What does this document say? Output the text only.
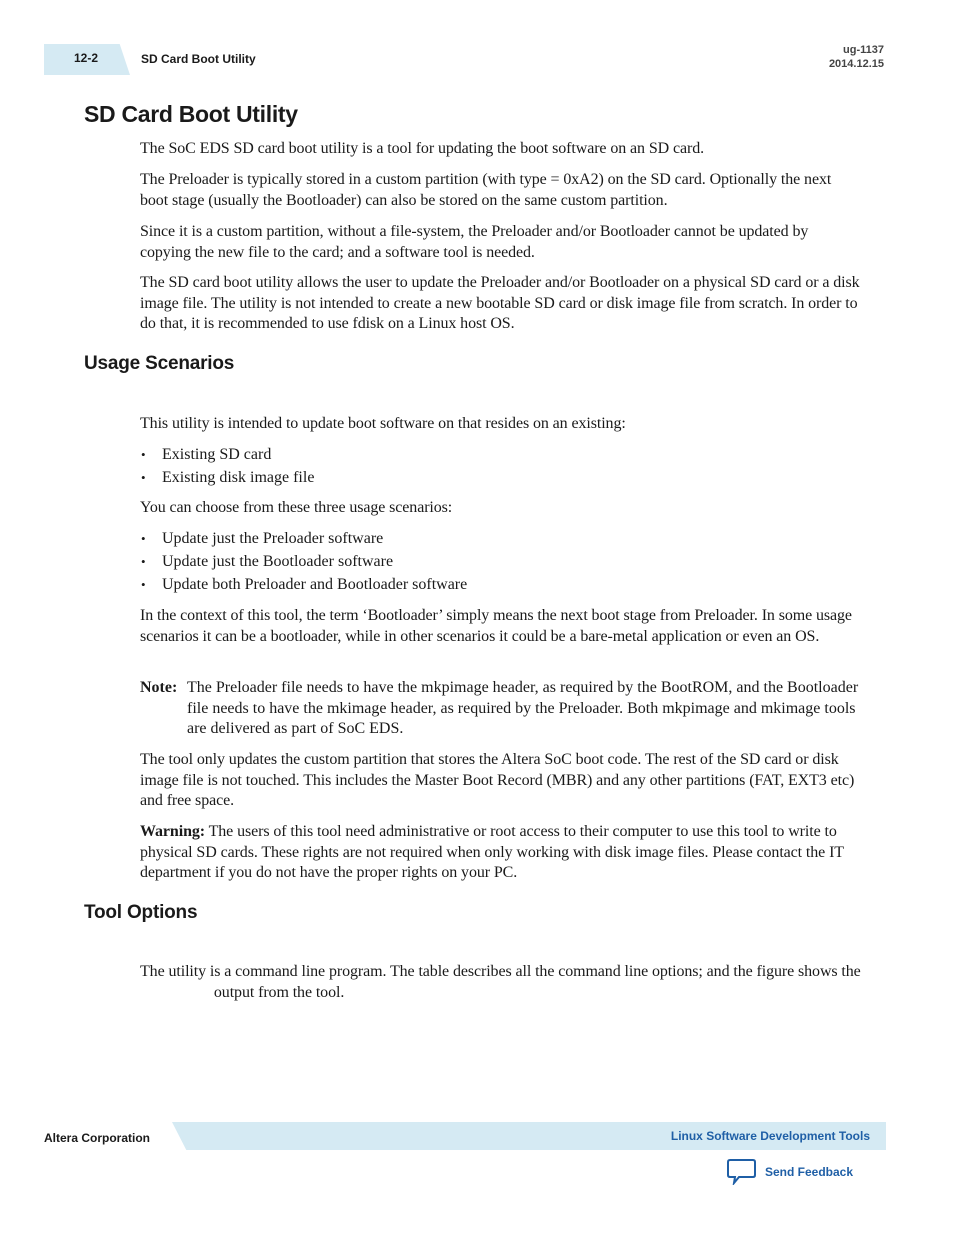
12-2	SD Card Boot Utility
ug-1137
2014.12.15
SD Card Boot Utility

The SoC EDS SD card boot utility is a tool for updating the boot software on an SD card.

The Preloader is typically stored in a custom partition (with type = 0xA2) on the SD card. Optionally the next boot stage (usually the Bootloader) can also be stored on the same custom partition.

Since it is a custom partition, without a file-system, the Preloader and/or Bootloader cannot be updated by copying the new file to the card; and a software tool is needed.

The SD card boot utility allows the user to update the Preloader and/or Bootloader on a physical SD card or a disk image file. The utility is not intended to create a new bootable SD card or disk image file from scratch. In order to do that, it is recommended to use fdisk on a Linux host OS.

Usage Scenarios

This utility is intended to update boot software on that resides on an existing:

• Existing SD card
• Existing disk image file

You can choose from these three usage scenarios:

• Update just the Preloader software
• Update just the Bootloader software
• Update both Preloader and Bootloader software

In the context of this tool, the term ‘Bootloader’ simply means the next boot stage from Preloader. In some usage scenarios it can be a bootloader, while in other scenarios it could be a bare-metal application or even an OS.

Note: The Preloader file needs to have the mkpimage header, as required by the BootROM, and the Bootloader file needs to have the mkimage header, as required by the Preloader. Both mkpimage and mkimage tools are delivered as part of SoC EDS.

The tool only updates the custom partition that stores the Altera SoC boot code. The rest of the SD card or disk image file is not touched. This includes the Master Boot Record (MBR) and any other partitions (FAT, EXT3 etc) and free space.

Warning: The users of this tool need administrative or root access to their computer to use this tool to write to physical SD cards. These rights are not required when only working with disk image files. Please contact the IT department if you do not have the proper rights on your PC.

Tool Options

The utility is a command line program. The table describes all the command line options; and the figure shows the  output from the tool.

Altera Corporation	Linux Software Development Tools
Send Feedback
